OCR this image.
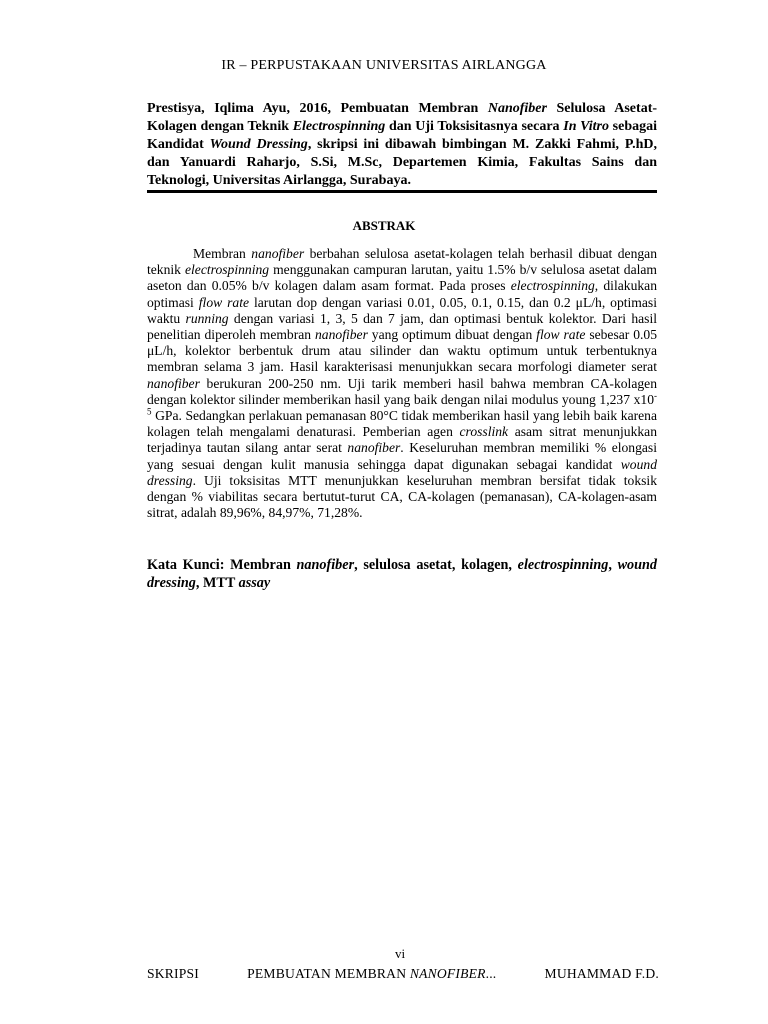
IR – PERPUSTAKAAN UNIVERSITAS AIRLANGGA

Prestisya, Iqlima Ayu, 2016, Pembuatan Membran Nanofiber Selulosa Asetat-Kolagen dengan Teknik Electrospinning dan Uji Toksisitasnya secara In Vitro sebagai Kandidat Wound Dressing, skripsi ini dibawah bimbingan M. Zakki Fahmi, P.hD, dan Yanuardi Raharjo, S.Si, M.Sc, Departemen Kimia, Fakultas Sains dan Teknologi, Universitas Airlangga, Surabaya.

ABSTRAK

Membran nanofiber berbahan selulosa asetat-kolagen telah berhasil dibuat dengan teknik electrospinning menggunakan campuran larutan, yaitu 1.5% b/v selulosa asetat dalam aseton dan 0.05% b/v kolagen dalam asam format. Pada proses electrospinning, dilakukan optimasi flow rate larutan dop dengan variasi 0.01, 0.05, 0.1, 0.15, dan 0.2 μL/h, optimasi waktu running dengan variasi 1, 3, 5 dan 7 jam, dan optimasi bentuk kolektor. Dari hasil penelitian diperoleh membran nanofiber yang optimum dibuat dengan flow rate sebesar 0.05 μL/h, kolektor berbentuk drum atau silinder dan waktu optimum untuk terbentuknya membran selama 3 jam. Hasil karakterisasi menunjukkan secara morfologi diameter serat nanofiber berukuran 200-250 nm. Uji tarik memberi hasil bahwa membran CA-kolagen dengan kolektor silinder memberikan hasil yang baik dengan nilai modulus young 1,237 $x10^{-5}$ GPa. Sedangkan perlakuan pemanasan 80°C tidak memberikan hasil yang lebih baik karena kolagen telah mengalami denaturasi. Pemberian agen crosslink asam sitrat menunjukkan terjadinya tautan silang antar serat nanofiber. Keseluruhan membran memiliki % elongasi yang sesuai dengan kulit manusia sehingga dapat digunakan sebagai kandidat wound dressing. Uji toksisitas MTT menunjukkan keseluruhan membran bersifat tidak toksik dengan % viabilitas secara bertutut-turut CA, CA-kolagen (pemanasan), CA-kolagen-asam sitrat, adalah 89,96%, 84,97%, 71,28%.

Kata Kunci: Membran nanofiber, selulosa asetat, kolagen, electrospinning, wound dressing, MTT assay

vi
SKRIPSI	PEMBUATAN MEMBRAN NANOFIBER...	MUHAMMAD F.D.
